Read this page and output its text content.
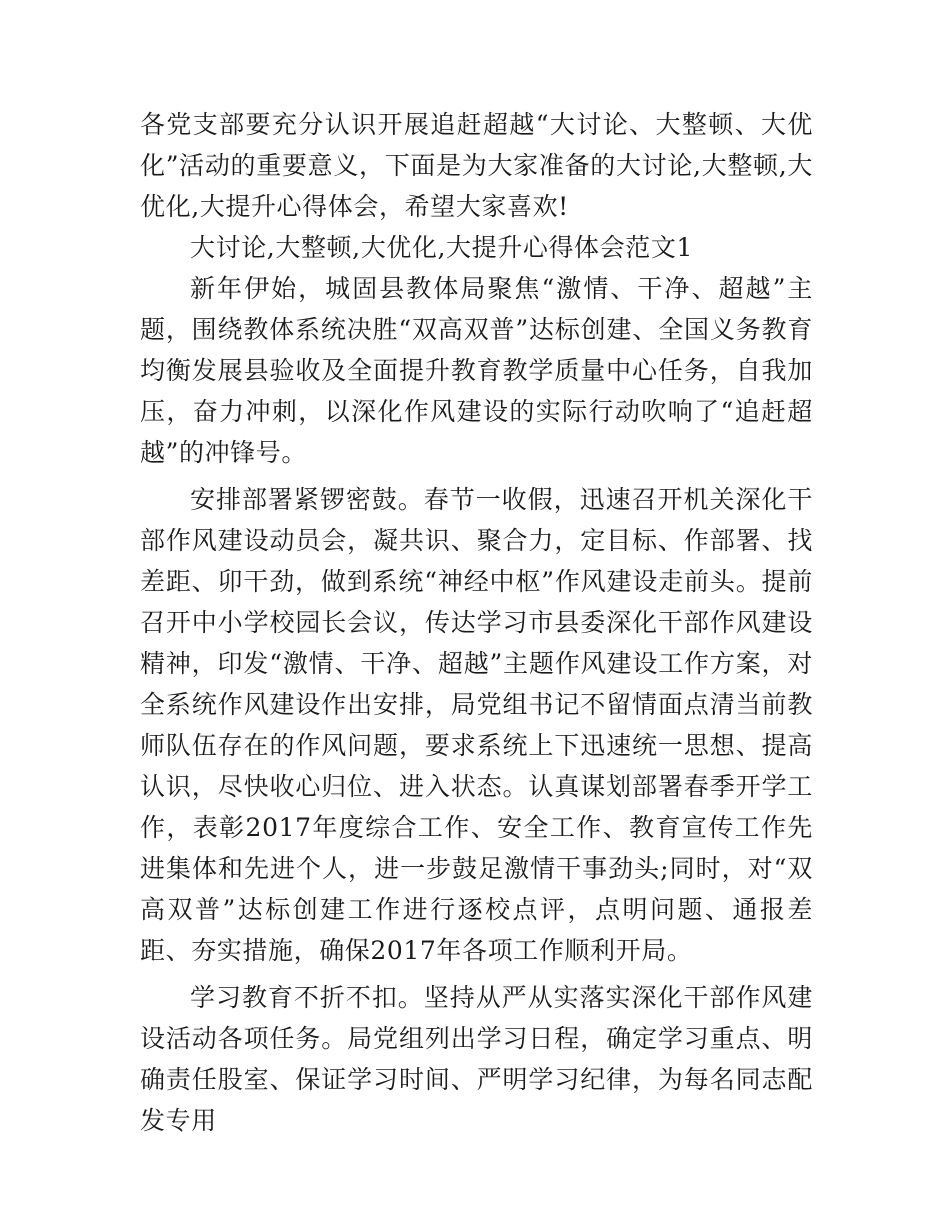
各党支部要充分认识开展追赶超越“大讨论、大整顿、大优化”活动的重要意义，下面是为大家准备的大讨论,大整顿,大优化,大提升心得体会，希望大家喜欢!

大讨论,大整顿,大优化,大提升心得体会范文1

新年伊始，城固县教体局聚焦“激情、干净、超越”主题，围绕教体系统决胜“双高双普”达标创建、全国义务教育均衡发展县验收及全面提升教育教学质量中心任务，自我加压，奋力冲刺，以深化作风建设的实际行动吹响了“追赶超越”的冲锋号。

安排部署紧锣密鼓。春节一收假，迅速召开机关深化干部作风建设动员会，凝共识、聚合力，定目标、作部署、找差距、卯干劲，做到系统“神经中枢”作风建设走前头。提前召开中小学校园长会议，传达学习市县委深化干部作风建设精神，印发“激情、干净、超越”主题作风建设工作方案，对全系统作风建设作出安排，局党组书记不留情面点清当前教师队伍存在的作风问题，要求系统上下迅速统一思想、提高认识，尽快收心归位、进入状态。认真谋划部署春季开学工作，表彰2017年度综合工作、安全工作、教育宣传工作先进集体和先进个人，进一步鼓足激情干事劲头;同时，对“双高双普”达标创建工作进行逐校点评，点明问题、通报差距、夯实措施，确保2017年各项工作顺利开局。

学习教育不折不扣。坚持从严从实落实深化干部作风建设活动各项任务。局党组列出学习日程，确定学习重点、明确责任股室、保证学习时间、严明学习纪律，为每名同志配发专用
